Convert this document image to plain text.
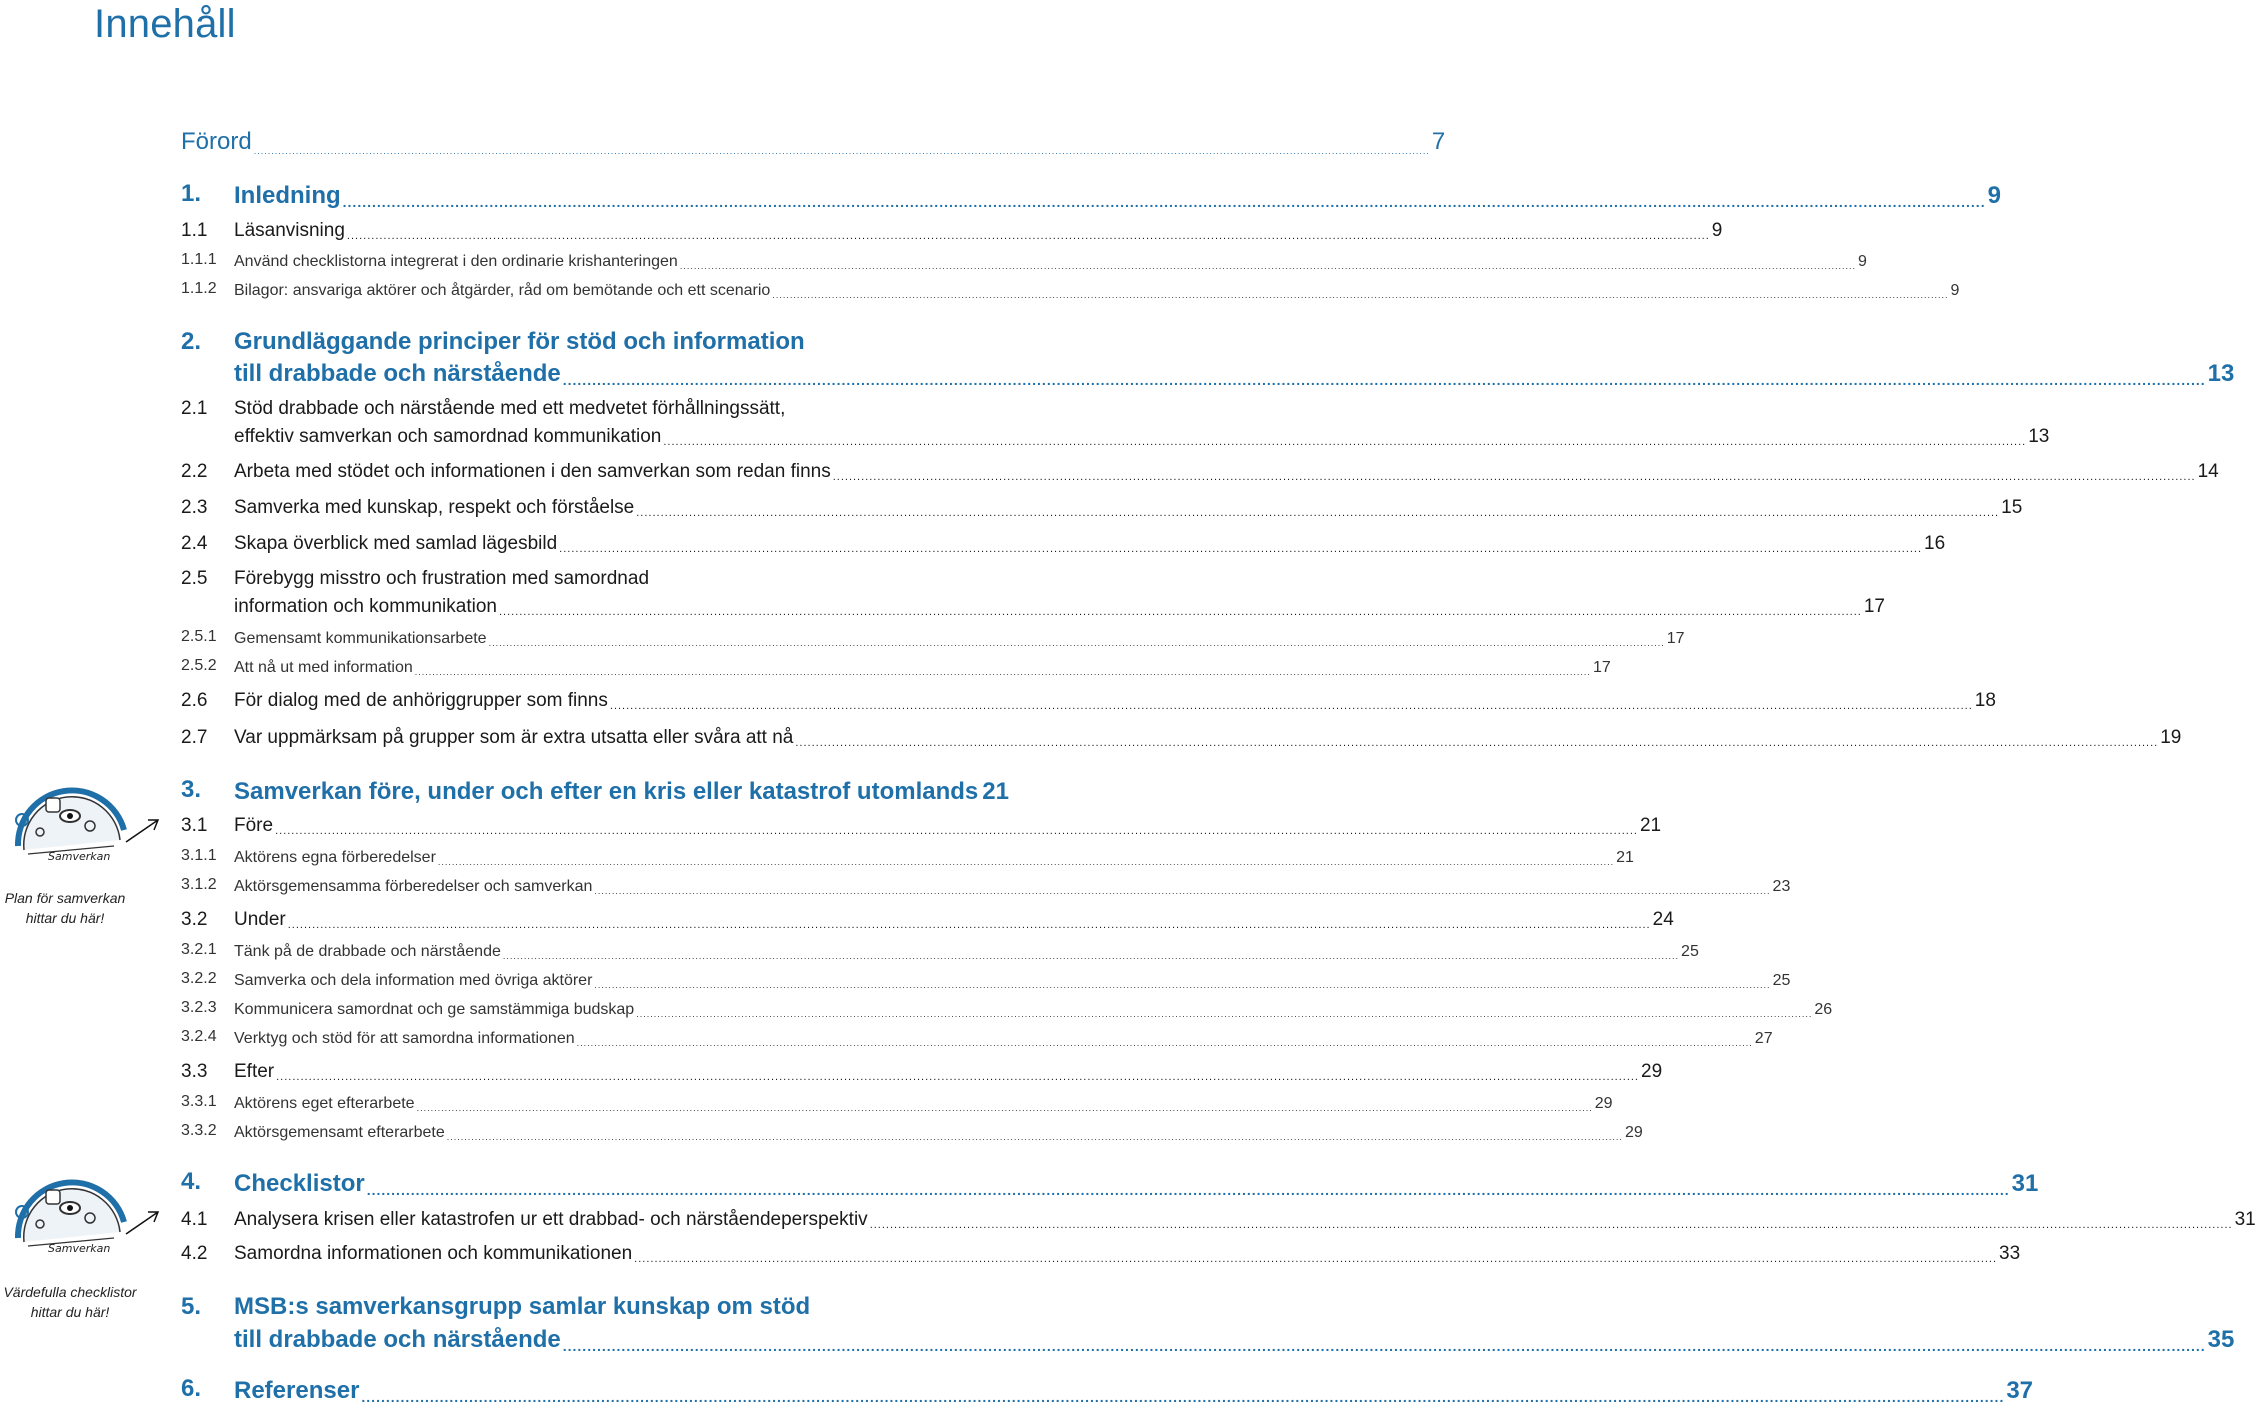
Innehåll
Förord .....	7
1. Inledning .....	9
1.1 Läsanvisning .....	9
1.1.1 Använd checklistorna integrerat i den ordinarie krishanteringen .....	9
1.1.2 Bilagor: ansvariga aktörer och åtgärder, råd om bemötande och ett scenario .....	9
2. Grundläggande principer för stöd och information
till drabbade och närstående .....	13
2.1 Stöd drabbade och närstående med ett medvetet förhållningssätt,
effektiv samverkan och samordnad kommunikation .....	13
2.2 Arbeta med stödet och informationen i den samverkan som redan finns .....	14
2.3 Samverka med kunskap, respekt och förståelse .....	15
2.4 Skapa överblick med samlad lägesbild .....	16
2.5 Förebygg misstro och frustration med samordnad
information och kommunikation .....	17
2.5.1 Gemensamt kommunikationsarbete .....	17
2.5.2 Att nå ut med information .....	17
2.6 För dialog med de anhöriggrupper som finns .....	18
2.7 Var uppmärksam på grupper som är extra utsatta eller svåra att nå .....	19
3. Samverkan före, under och efter en kris eller katastrof utomlands 21
3.1 Före .....	21
3.1.1 Aktörens egna förberedelser .....	21
3.1.2 Aktörsgemensamma förberedelser och samverkan .....	23
3.2 Under .....	24
3.2.1 Tänk på de drabbade och närstående .....	25
3.2.2 Samverka och dela information med övriga aktörer .....	25
3.2.3 Kommunicera samordnat och ge samstämmiga budskap .....	26
3.2.4 Verktyg och stöd för att samordna informationen .....	27
3.3 Efter .....	29
3.3.1 Aktörens eget efterarbete .....	29
3.3.2 Aktörsgemensamt efterarbete .....	29
4. Checklistor .....	31
4.1 Analysera krisen eller katastrofen ur ett drabbad- och närståendeperspektiv .....	31
4.2 Samordna informationen och kommunikationen .....	33
5. MSB:s samverkansgrupp samlar kunskap om stöd
till drabbade och närstående .....	35
6. Referenser .....	37
Samverkan
Plan för samverkan
hittar du här!
Samverkan
Värdefulla checklistor
hittar du här!
